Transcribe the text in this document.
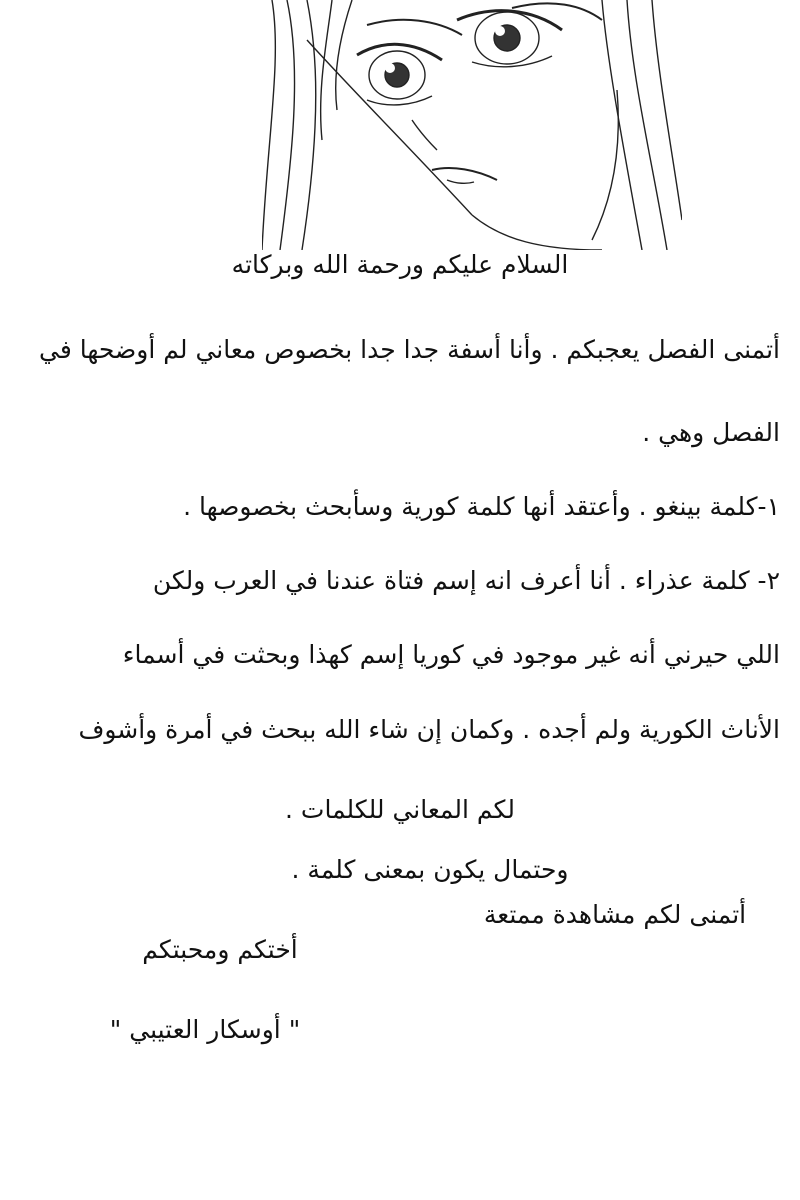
السلام عليكم ورحمة الله وبركاته
أتمنى الفصل يعجبكم . وأنا أسفة جدا جدا بخصوص معاني لم أوضحها في
الفصل وهي .
١-كلمة بينغو . وأعتقد أنها كلمة كورية وسأبحث بخصوصها .
٢- كلمة عذراء . أنا أعرف انه إسم فتاة عندنا في العرب ولكن
اللي حيرني أنه غير موجود في كوريا إسم كهذا وبحثت في أسماء
الأناث الكورية ولم أجده . وكمان إن شاء الله ببحث في أمرة وأشوف
لكم المعاني للكلمات .
وحتمال يكون بمعنى كلمة .
أتمنى لكم مشاهدة ممتعة
أختكم ومحبتكم
" أوسكار العتيبي "
